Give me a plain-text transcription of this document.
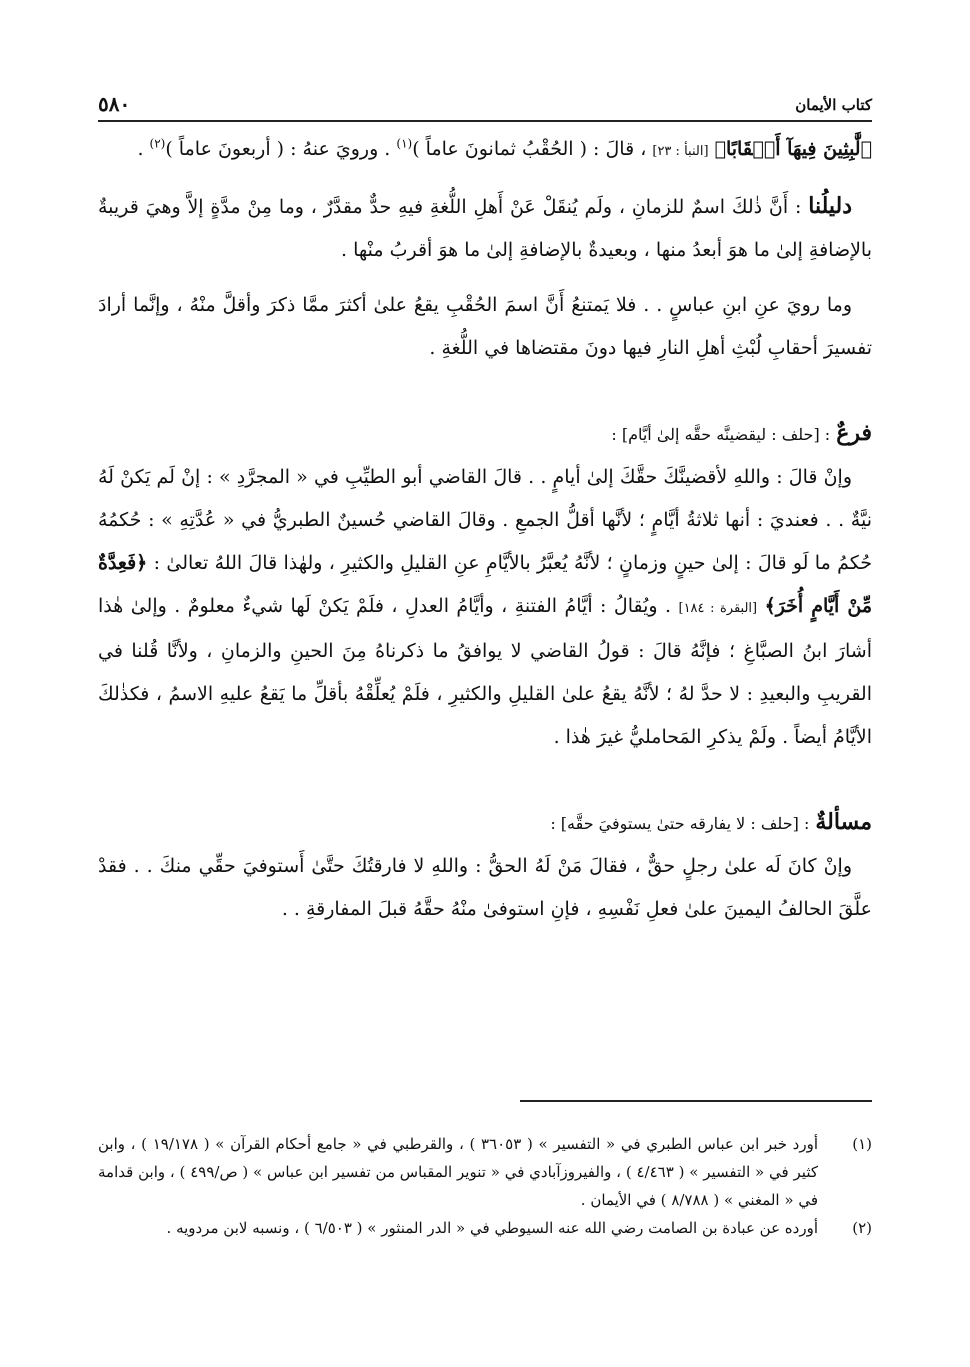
كتاب الأيمان
٥٨٠

﴿لَّٰبِثِينَ فِيهَآ أَحۡقَابًا﴾ [النبأ : ٢٣] ، قالَ : ( الحُقْبُ ثمانونَ عاماً )$^{(١)}$ . ورويَ عنهُ : ( أربعونَ عاماً )$^{(٢)}$ .

دليلُنا : أَنَّ ذٰلكَ اسمٌ للزمانِ ، ولَم يُنقَلْ عَنْ أَهلِ اللُّغةِ فيهِ حدٌّ مقدَّرٌ ، وما مِنْ مدَّةٍ إلاَّ وهيَ قريبةٌ بالإضافةِ إلىٰ ما هوَ أبعدُ منها ، وبعيدةٌ بالإضافةِ إلىٰ ما هوَ أقربُ منْها .

وما رويَ عنِ ابنِ عباسٍ . . فلا يَمتنعُ أَنَّ اسمَ الحُقْبِ يقعُ علىٰ أكثرَ ممَّا ذكرَ وأقلَّ منْهُ ، وإنَّما أرادَ تفسيرَ أحقابِ لُبْثِ أهلِ النارِ فيها دونَ مقتضاها في اللُّغةِ .

فرعٌ : [حلف : ليقضينَّه حقَّه إلىٰ أيَّام] :

وإنْ قالَ : واللهِ لأقضينَّكَ حقَّكَ إلىٰ أيامٍ . . قالَ القاضي أبو الطيِّبِ في « المجرَّدِ » : إنْ لَم يَكنْ لَهُ نيَّةٌ . . فعنديَ : أنها ثلاثةُ أيَّامٍ ؛ لأنَّها أقلُّ الجمعِ . وقالَ القاضي حُسينٌ الطبريُّ في « عُدَّتِهِ » : حُكمُهُ حُكمُ ما لَو قالَ : إلىٰ حينٍ وزمانٍ ؛ لأنَّهُ يُعبَّرُ بالأيَّامِ عنِ القليلِ والكثيرِ ، ولهٰذا قالَ اللهُ تعالىٰ : ﴿فَعِدَّةٌ مِّنْ أَيَّامٍ أُخَرَ﴾ [البقرة : ١٨٤] . ويُقالُ : أيَّامُ الفتنةِ ، وأيَّامُ العدلِ ، فلَمْ يَكنْ لَها شيءٌ معلومٌ . وإلىٰ هٰذا أشارَ ابنُ الصبَّاغِ ؛ فإنَّهُ قالَ : قولُ القاضي لا يوافقُ ما ذكرناهُ مِنَ الحينِ والزمانِ ، ولأنَّا قُلنا في القريبِ والبعيدِ : لا حدَّ لهُ ؛ لأنَّهُ يقعُ علىٰ القليلِ والكثيرِ ، فلَمْ يُعلِّقْهُ بأقلِّ ما يَقعُ عليهِ الاسمُ ، فكذٰلكَ الأيَّامُ أيضاً . ولَمْ يذكرِ المَحامليُّ غيرَ هٰذا .

مسألةٌ : [حلف : لا يفارقه حتىٰ يستوفيَ حقَّه] :

وإنْ كانَ لَه علىٰ رجلٍ حقٌّ ، فقالَ مَنْ لَهُ الحقُّ : واللهِ لا فارقتُكَ حتَّىٰ أَستوفيَ حقِّي منكَ . . فقدْ علَّقَ الحالفُ اليمينَ علىٰ فعلِ نَفْسِهِ ، فإنِ استوفىٰ منْهُ حقَّهُ قبلَ المفارقةِ . .

(١)
أورد خبر ابن عباس الطبري في « التفسير » ( ٣٦٠٥٣ ) ، والقرطبي في « جامع أحكام القرآن » ( ١٩/١٧٨ ) ، وابن كثير في « التفسير » ( ٤/٤٦٣ ) ، والفيروزآبادي في « تنوير المقباس من تفسير ابن عباس » ( ص/٤٩٩ ) ، وابن قدامة في « المغني » ( ٨/٧٨٨ ) في الأيمان .
(٢)
أورده عن عبادة بن الصامت رضي الله عنه السيوطي في « الدر المنثور » ( ٦/٥٠٣ ) ، ونسبه لابن مردويه .
